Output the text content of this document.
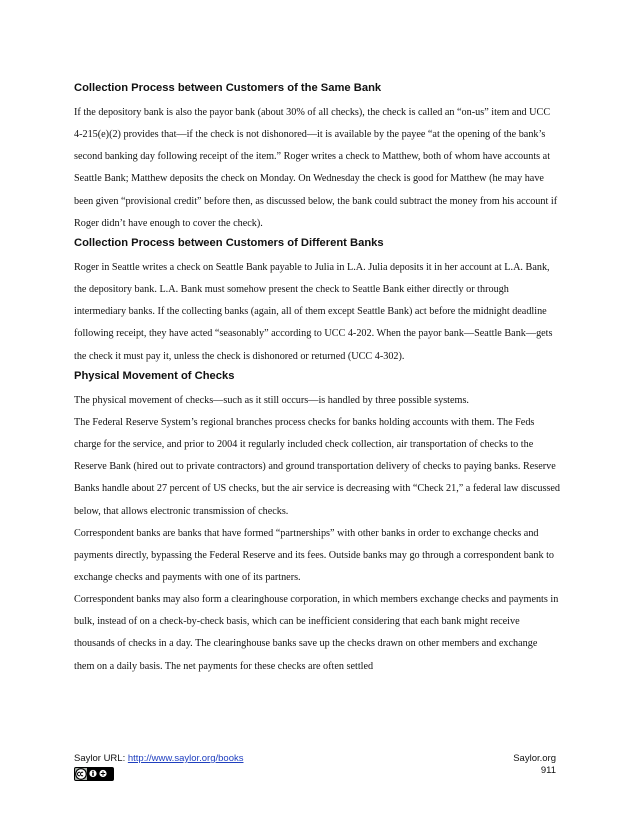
Collection Process between Customers of the Same Bank

If the depository bank is also the payor bank (about 30% of all checks), the check is called an “on-us” item and UCC 4-215(e)(2) provides that—if the check is not dishonored—it is available by the payee “at the opening of the bank’s second banking day following receipt of the item.” Roger writes a check to Matthew, both of whom have accounts at Seattle Bank; Matthew deposits the check on Monday. On Wednesday the check is good for Matthew (he may have been given “provisional credit” before then, as discussed below, the bank could subtract the money from his account if Roger didn’t have enough to cover the check).

Collection Process between Customers of Different Banks

Roger in Seattle writes a check on Seattle Bank payable to Julia in L.A. Julia deposits it in her account at L.A. Bank, the depository bank. L.A. Bank must somehow present the check to Seattle Bank either directly or through intermediary banks. If the collecting banks (again, all of them except Seattle Bank) act before the midnight deadline following receipt, they have acted “seasonably” according to UCC 4-202. When the payor bank—Seattle Bank—gets the check it must pay it, unless the check is dishonored or returned (UCC 4-302).

Physical Movement of Checks

The physical movement of checks—such as it still occurs—is handled by three possible systems.

The Federal Reserve System’s regional branches process checks for banks holding accounts with them. The Feds charge for the service, and prior to 2004 it regularly included check collection, air transportation of checks to the Reserve Bank (hired out to private contractors) and ground transportation delivery of checks to paying banks. Reserve Banks handle about 27 percent of US checks, but the air service is decreasing with “Check 21,” a federal law discussed below, that allows electronic transmission of checks.

Correspondent banks are banks that have formed “partnerships” with other banks in order to exchange checks and payments directly, bypassing the Federal Reserve and its fees. Outside banks may go through a correspondent bank to exchange checks and payments with one of its partners.

Correspondent banks may also form a clearinghouse corporation, in which members exchange checks and payments in bulk, instead of on a check-by-check basis, which can be inefficient considering that each bank might receive thousands of checks in a day. The clearinghouse banks save up the checks drawn on other members and exchange them on a daily basis. The net payments for these checks are often settled

Saylor URL: http://www.saylor.org/books	Saylor.org
911
